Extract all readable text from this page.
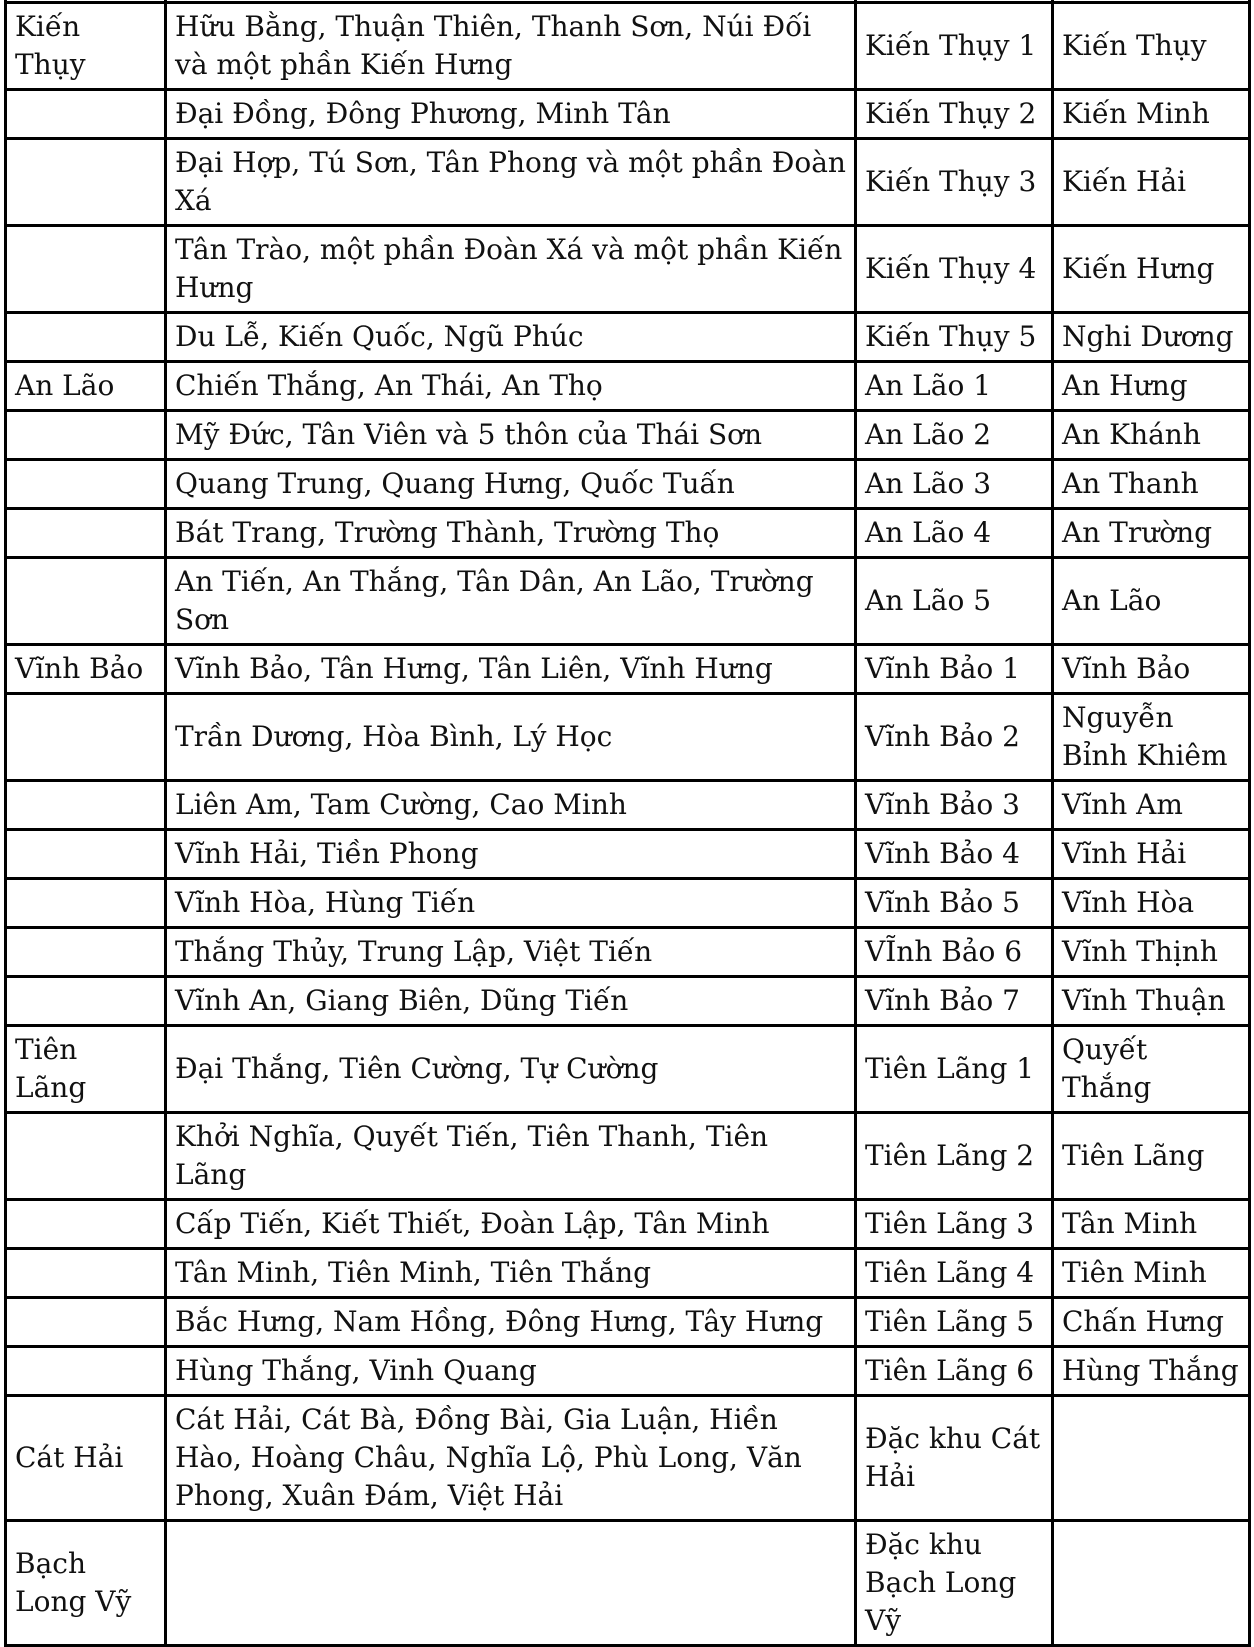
Kiến Thụy	Hữu Bằng, Thuận Thiên, Thanh Sơn, Núi Đối và một phần Kiến Hưng	Kiến Thụy 1	Kiến Thụy
	Đại Đồng, Đông Phương, Minh Tân	Kiến Thụy 2	Kiến Minh
	Đại Hợp, Tú Sơn, Tân Phong và một phần Đoàn Xá	Kiến Thụy 3	Kiến Hải
	Tân Trào, một phần Đoàn Xá và một phần Kiến Hưng	Kiến Thụy 4	Kiến Hưng
	Du Lễ, Kiến Quốc, Ngũ Phúc	Kiến Thụy 5	Nghi Dương
An Lão	Chiến Thắng, An Thái, An Thọ	An Lão 1	An Hưng
	Mỹ Đức, Tân Viên và 5 thôn của Thái Sơn	An Lão 2	An Khánh
	Quang Trung, Quang Hưng, Quốc Tuấn	An Lão 3	An Thanh
	Bát Trang, Trường Thành, Trường Thọ	An Lão 4	An Trường
	An Tiến, An Thắng, Tân Dân, An Lão, Trường Sơn	An Lão 5	An Lão
Vĩnh Bảo	Vĩnh Bảo, Tân Hưng, Tân Liên, Vĩnh Hưng	Vĩnh Bảo 1	Vĩnh Bảo
	Trần Dương, Hòa Bình, Lý Học	Vĩnh Bảo 2	Nguyễn Bỉnh Khiêm
	Liên Am, Tam Cường, Cao Minh	Vĩnh Bảo 3	Vĩnh Am
	Vĩnh Hải, Tiền Phong	Vĩnh Bảo 4	Vĩnh Hải
	Vĩnh Hòa, Hùng Tiến	Vĩnh Bảo 5	Vĩnh Hòa
	Thắng Thủy, Trung Lập, Việt Tiến	VĨnh Bảo 6	Vĩnh Thịnh
	Vĩnh An, Giang Biên, Dũng Tiến	Vĩnh Bảo 7	Vĩnh Thuận
Tiên Lãng	Đại Thắng, Tiên Cường, Tự Cường	Tiên Lãng 1	Quyết Thắng
	Khởi Nghĩa, Quyết Tiến, Tiên Thanh, Tiên Lãng	Tiên Lãng 2	Tiên Lãng
	Cấp Tiến, Kiết Thiết, Đoàn Lập, Tân Minh	Tiên Lãng 3	Tân Minh
	Tân Minh, Tiên Minh, Tiên Thắng	Tiên Lãng 4	Tiên Minh
	Bắc Hưng, Nam Hồng, Đông Hưng, Tây Hưng	Tiên Lãng 5	Chấn Hưng
	Hùng Thắng, Vinh Quang	Tiên Lãng 6	Hùng Thắng
Cát Hải	Cát Hải, Cát Bà, Đồng Bài, Gia Luận, Hiền Hào, Hoàng Châu, Nghĩa Lộ, Phù Long, Văn Phong, Xuân Đám, Việt Hải	Đặc khu Cát Hải	
Bạch Long Vỹ		Đặc khu Bạch Long Vỹ	
